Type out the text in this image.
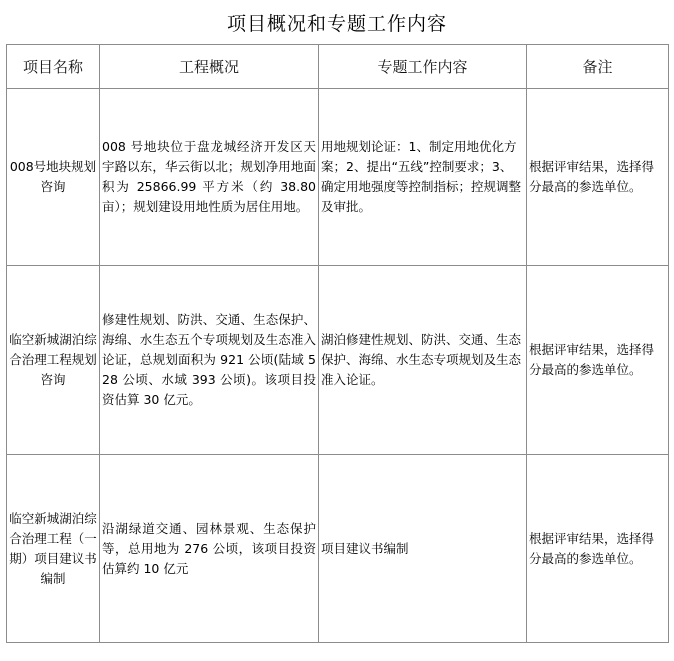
项目概况和专题工作内容
项目名称	工程概况	专题工作内容	备注

008号地块规划咨询	008 号地块位于盘龙城经济开发区天宇路以东，华云街以北；规划净用地面积为 25866.99 平方米（约 38.80 亩）；规划建设用地性质为居住用地。	用地规划论证：1、制定用地优化方案；2、提出“五线”控制要求；3、确定用地强度等控制指标；控规调整及审批。	根据评审结果，选择得分最高的参选单位。

临空新城湖泊综合治理工程规划咨询	修建性规划、防洪、交通、生态保护、海绵、水生态五个专项规划及生态准入论证，总规划面积为 921 公顷(陆域 528 公顷、水域 393 公顷)。该项目投资估算 30 亿元。	湖泊修建性规划、防洪、交通、生态保护、海绵、水生态专项规划及生态准入论证。	根据评审结果，选择得分最高的参选单位。

临空新城湖泊综合治理工程（一期）项目建议书编制	沿湖绿道交通、园林景观、生态保护等，总用地为 276 公顷，该项目投资估算约 10 亿元	项目建议书编制	根据评审结果，选择得分最高的参选单位。
